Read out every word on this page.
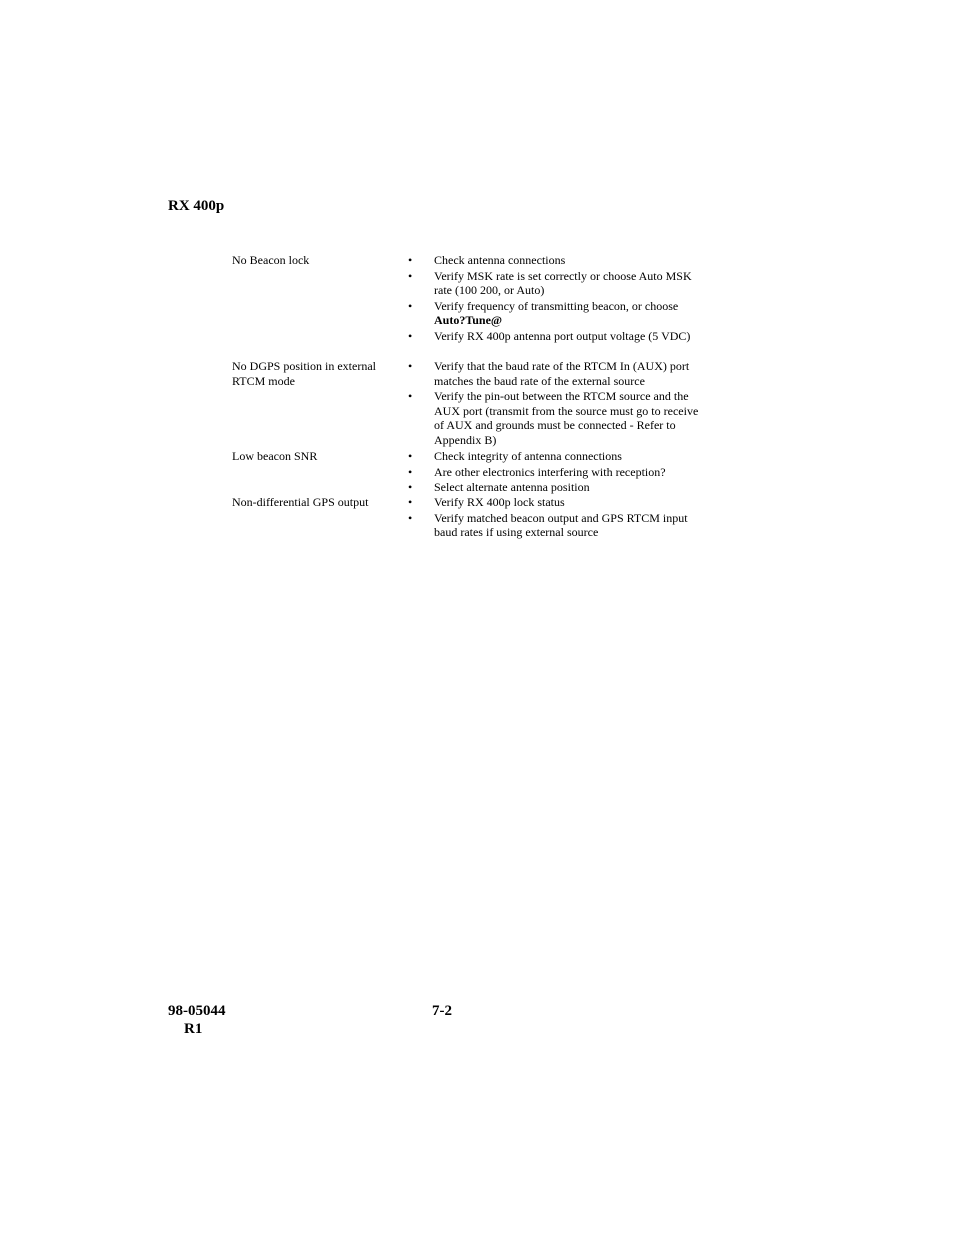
RX 400p
No Beacon lock	• Check antenna connections
• Verify MSK rate is set correctly or choose Auto MSK rate (100 200, or Auto)
• Verify frequency of transmitting beacon, or choose Auto?Tune@
• Verify RX 400p antenna port output voltage (5 VDC)
No DGPS position in external RTCM mode
• Verify that the baud rate of the RTCM In (AUX) port matches the baud rate of the external source
• Verify the pin-out between the RTCM source and the AUX port (transmit from the source must go to receive of AUX and grounds must be connected - Refer to Appendix B)
Low beacon SNR	• Check integrity of antenna connections
• Are other electronics interfering with reception?
• Select alternate antenna position
Non-differential GPS output	• Verify RX 400p lock status
• Verify matched beacon output and GPS RTCM input baud rates if using external source
98-05044
R1
7-2
